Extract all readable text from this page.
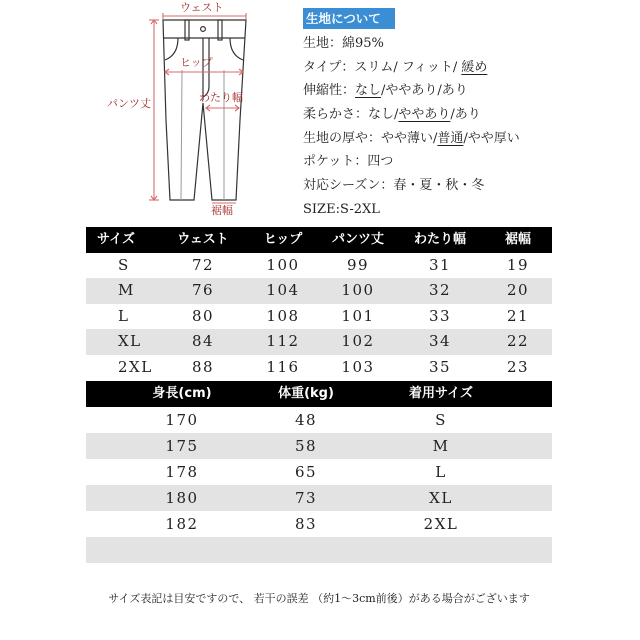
ウェスト
ヒップ
わたり幅
パンツ丈
裾幅
生地について
生地：綿95%
タイプ：スリム/ フィット/ 緩め
伸縮性：なし/ややあり/あり
柔らかさ：なし/ややあり/あり
生地の厚や：やや薄い/普通/やや厚い
ポケット：四つ
対応シーズン：春・夏・秋・冬
SIZE:S-2XL
サイズ	ウェスト	ヒップ	パンツ丈	わたり幅	裾幅
S	72	100	99	31	19
M	76	104	100	32	20
L	80	108	101	33	21
XL	84	112	102	34	22
2XL	88	116	103	35	23
身長(cm)	体重(kg)	着用サイズ
170	48	S
175	58	M
178	65	L
180	73	XL
182	83	2XL
サイズ表記は目安ですので、 若干の誤差 （約1～3cm前後）がある場合がございます
